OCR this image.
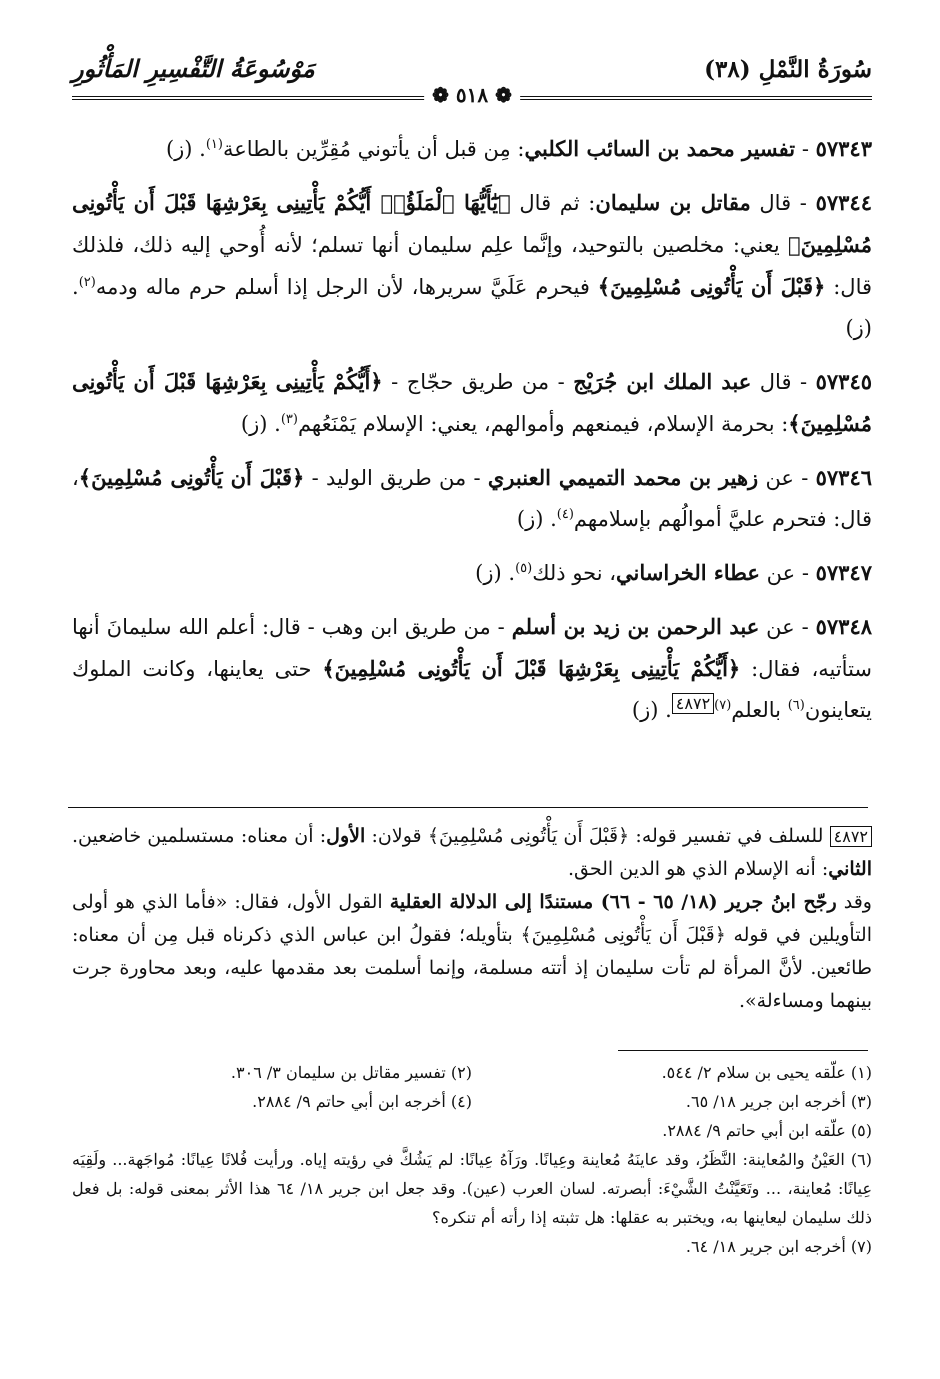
سُورَةُ النَّمْلِ (٣٨)
مَوْسُوعَةُ التَّفْسِيرِ المَأْثُورِ
❁ ٥١٨ ❁

٥٧٣٤٣ - تفسير محمد بن السائب الكلبي: مِن قبل أن يأتوني مُقِرِّين بالطاعة$^{(١)}$. (ز)

٥٧٣٤٤ - قال مقاتل بن سليمان: ثم قال ﴿يَٰٓأَيُّهَا ٱلْمَلَؤُا۟ أَيُّكُمْ يَأْتِينِى بِعَرْشِهَا قَبْلَ أَن يَأْتُونِى مُسْلِمِينَ﴾ يعني: مخلصين بالتوحيد، وإنَّما علِم سليمان أنها تسلم؛ لأنه أُوحي إليه ذلك، فلذلك قال: ﴿قَبْلَ أَن يَأْتُونِى مُسْلِمِينَ﴾ فيحرم عَلَيَّ سريرها، لأن الرجل إذا أسلم حرم ماله ودمه$^{(٢)}$. (ز)

٥٧٣٤٥ - قال عبد الملك ابن جُرَيْج - من طريق حجّاج - ﴿أَيُّكُمْ يَأْتِينِى بِعَرْشِهَا قَبْلَ أَن يَأْتُونِى مُسْلِمِينَ﴾: بحرمة الإسلام، فيمنعهم وأموالهم، يعني: الإسلام يَمْنَعُهم$^{(٣)}$. (ز)

٥٧٣٤٦ - عن زهير بن محمد التميمي العنبري - من طريق الوليد - ﴿قَبْلَ أَن يَأْتُونِى مُسْلِمِينَ﴾، قال: فتحرم عليَّ أموالُهم بإسلامهم$^{(٤)}$. (ز)

٥٧٣٤٧ - عن عطاء الخراساني، نحو ذلك$^{(٥)}$. (ز)

٥٧٣٤٨ - عن عبد الرحمن بن زيد بن أسلم - من طريق ابن وهب - قال: أعلم الله سليمانَ أنها ستأتيه، فقال: ﴿أَيُّكُمْ يَأْتِينِى بِعَرْشِهَا قَبْلَ أَن يَأْتُونِى مُسْلِمِينَ﴾ حتى يعاينها، وكانت الملوك يتعاينون$^{(٦)}$ بالعلم$^{(٧)٤٨٧٢}$. (ز)

٤٨٧٢ للسلف في تفسير قوله: ﴿قَبْلَ أَن يَأْتُونِى مُسْلِمِينَ﴾ قولان: الأول: أن معناه: مستسلمين خاضعين. الثاني: أنه الإسلام الذي هو الدين الحق.

وقد رجّح ابنُ جرير (١٨/ ٦٥ - ٦٦) مستندًا إلى الدلالة العقلية القول الأول، فقال: «فأما الذي هو أولى التأويلين في قوله ﴿قَبْلَ أَن يَأْتُونِى مُسْلِمِينَ﴾ بتأويله؛ فقولُ ابن عباس الذي ذكرناه قبل مِن أن معناه: طائعين. لأنَّ المرأة لم تأت سليمان إذ أتته مسلمة، وإنما أسلمت بعد مقدمها عليه، وبعد محاورة جرت بينهما ومساءلة».

(١) علّقه يحيى بن سلام ٢/ ٥٤٤.
(٢) تفسير مقاتل بن سليمان ٣/ ٣٠٦.
(٣) أخرجه ابن جرير ١٨/ ٦٥.
(٤) أخرجه ابن أبي حاتم ٩/ ٢٨٨٤.
(٥) علّقه ابن أبي حاتم ٩/ ٢٨٨٤.
(٦) العَيْنُ والمُعاينة: النَّظَرُ، وقد عاينَهُ مُعاينة وعِيانًا. ورَآهُ عِيانًا: لم يَشُكَّ في رؤيته إياه. ورأيت فُلانًا عِيانًا: مُواجَهة... ولَقِيَه عِيانًا: مُعاينة، ... وتَعَيَّنْتُ الشَّيْءَ: أبصرته. لسان العرب (عين). وقد جعل ابن جرير ١٨/ ٦٤ هذا الأثر بمعنى قوله: بل فعل ذلك سليمان ليعاينها به، ويختبر به عقلها: هل تثبته إذا رأته أم تنكره؟
(٧) أخرجه ابن جرير ١٨/ ٦٤.
